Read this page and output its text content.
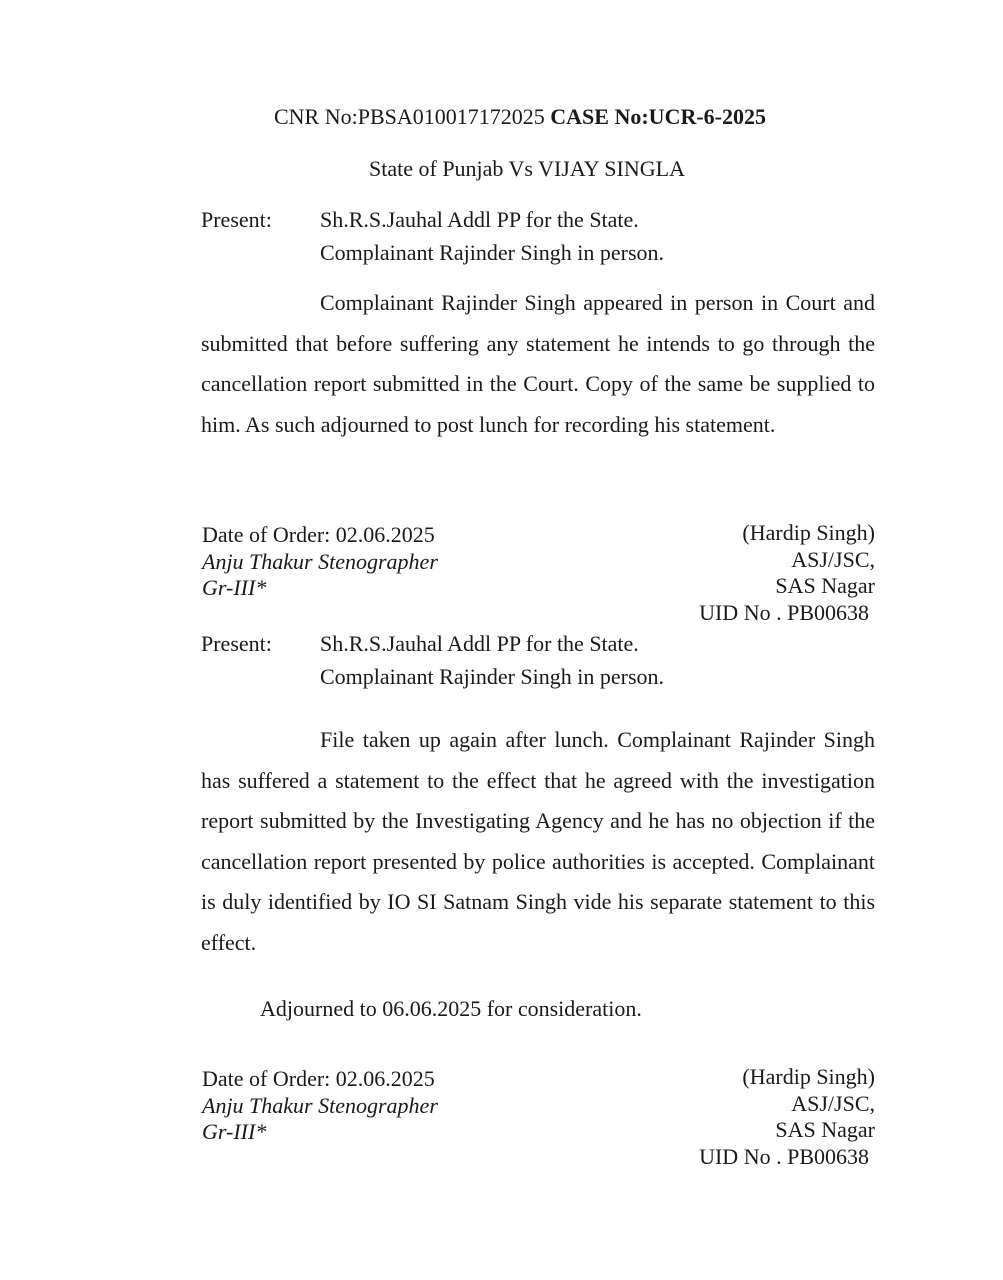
CNR No:PBSA010017172025 CASE No:UCR-6-2025
State of Punjab Vs VIJAY SINGLA
Present: Sh.R.S.Jauhal Addl PP for the State.
Complainant Rajinder Singh in person.
Complainant Rajinder Singh appeared in person in Court and submitted that before suffering any statement he intends to go through the cancellation report submitted in the Court. Copy of the same be supplied to him. As such adjourned to post lunch for recording his statement.
Date of Order: 02.06.2025
Anju Thakur Stenographer
Gr-III*
(Hardip Singh)
ASJ/JSC,
SAS Nagar
UID No . PB00638
Present: Sh.R.S.Jauhal Addl PP for the State.
Complainant Rajinder Singh in person.
File taken up again after lunch. Complainant Rajinder Singh has suffered a statement to the effect that he agreed with the investigation report submitted by the Investigating Agency and he has no objection if the cancellation report presented by police authorities is accepted. Complainant is duly identified by IO SI Satnam Singh vide his separate statement to this effect.
Adjourned to 06.06.2025 for consideration.
Date of Order: 02.06.2025
Anju Thakur Stenographer
Gr-III*
(Hardip Singh)
ASJ/JSC,
SAS Nagar
UID No . PB00638
